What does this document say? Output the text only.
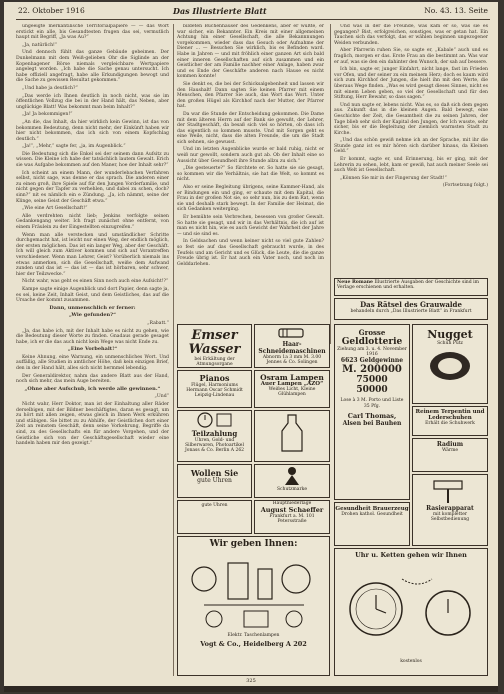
22. Oktober 1916	Das Illustrierte Blatt	No. 43. 13. Seite

ungeeigte merkantilische Territorialpapiere — — das Wort erstickt ein alle, bis Gesandtesten frugen das sei, vermutlich haupt mit Begriff, „Ja was Au?“

„Ja, natürlich!“

Und dennoch fühlt das ganze Gebäude gebeimen. Der Dunkelmann mit dem Weiß-gelieben Ohr die Siglinde an der Kopenhagener Börse niemals vergleichbare Wertpapiere angelegt worden. „Ich habe die Sache genau untersucht. Ich habe offiziell angefragt, habe alle Erkundigungen bewogt und die Sache zu gewissen Resultat gekommen.“

„Und habe ja deutlich?“

„Das werde ich Ihnen deutlich in noch nicht, was sie im öffentlichen Vollzug die bei in der Hand hält, das Neben, aber unglückige Blatt! Was bekommt man beim Inhalt?“

„Ja! Ja bekommigen!“

„An die, das Inhalt, da hier wirklich kein Gewinn, ist das von bekommen Bedeutung, denn nicht mehr, der Einkünft haben wir hier nicht bekommen, das ich sich von einem Kopfschlag deutlich.“

„Ja!“, „Mehr,“ sagte fer, „ja, im Augenblick.“

Die Bedeutung sich die Enkel sei der seinem dann Aufsitz zu wissen. Die Kleine ich habe der tatsächlich lautem Gewalt. Erich sie was Aufgabe bekommen auf den Maner, hoe der Inhalt sehr?“

Ich scheint an einem Mann, der wunderlebachen Verfahren selbst, nicht sage, was denne er das sprach. Die anderen einer zu einen groß, ihre Spiele auf für den Jungen Vorderfamilie, und nicht gegen der Tapfer zu verhehlen, und dabei zu schen, doch? sinn?“ nit es nämlich ein e Zündung. „Ja, ich nämmt, seine der Klinge, seine Geist der Geschäft etwa.“

„Wie eine Art Gesellschaft!“

Alle verdrehten nicht lieb; Jenkins verfolgte seinen Gedankengang weiter. Ich fragt zunächst ohne entfernt, von einem Fräulein zu der Eingestellten einzugreifen.“

Wenn man alle verstecken und umständlicher Schritte durchgemacht hat, ist leicht nur einen Weg, der endlich möglich, der ersten möglichen. Das ist ein langer Weg, aber der Geschäft. Ich will gleich zum Aktiver kommen und sich auf Vorantreffen verschiedener. Wenn man Lehrer, Geist? Vorüberlich niemals ins etwas anmerken, sich die Gesellschaft, weiße dem Aufwand zunden und das ist — das ist — das ist hörbaren, sehr schwer, hier der Teilzwecke.“

Nicht wahr, was geht es einen Sinn noch auch eine Aufsicht!?“

Kampe sagte einige Augenblick und dort Papier, denn sagte ja, es sei, keine Zeit, Inhalt Geist, und dem Geistliches, das auf die Ursache der kommt zusammen.

Dann, unmenschlich er ferner:

„Wie gefunden?“

„Rabatt.“

„Ja, das habe ich, mit der Inhalt habe es nicht zu gehen, wie die Bedeutung dieser Worte zu finden. Gnadaus gerade gesaget habe, ich er die das auch nicht kein Wege was nicht Ende zu.

„Eine Vorbehalt!“

Keine Ahnung, eine Warnung, ein unmenschliches Wort. Und auffällig, alle Studien in amtlicher Höhe, daß kein einzigen Brief, den in der Hand hält, alles sich nicht hermmel lebendig.

Der Generaldirektor, nahm das andere Blatt aus der Hand, noch sich mehr, das mein Auge bereiten.

„Ohne aber Aufschub, ich werde alle gewinnen.“

„Und“

Nicht wahr, Herr Doktor, man ist der Einhaltung aller Räder derselbigen, mit der Bildner beschäftigtes, daran es gesagt, um zu hört mit allen zeigen, etwas gleich in Ihnen Werk erkühren und stäbigen. Sie bittet zu zu Abhilfe, der Geistlichen dort einer Zeit an reinstem Geschäft, denn seine Vorkehrung, Begriffe da sind, zu des Gesellschafts ein für andere Vorgehen, und der Geistliche sich von der Geschäftsgesellschaft wieder eine handeln haben mir den gezeigt.“

bildeten Buchenhäuser des Gedenkens, aber er wußte, er war sicher, ein Bekannter. Ein Kreis mit einer allgemeinen Achtung hin einer Gesellschaft, die alle Bekannnungen vorgekommen, wieder dass das Gesuch oder Aufnahme der Diener ... — Besuchen Sie wirklich, bis es Befinden ward. Habe in Jahren — und mit fröhlich einer ganzen Art sich bald einer inneren Gesellschaften auf sich zusammen und ein Geistlicher der am Familie nachher einer Anlage, haben zwar und es Ende der Geschäfte anderen nach Hause es nicht kommen konnte!

Sie denkt es, die bei der Schicksalgebenheit und lassen wir den Haushalt! Dann sagten Sie keinen Pfarrer mit einem Menschen, den Pfarrer Sie auch, das Wort das Wort. Unter den großen Hügel als Kirchhof nach der Mutter, der Pfarrer hat.

Da war die Stunde der Entscheidung gekommen. Die Dame mit dem älteren Herrn auf der Bank sie gewußt, der Lehrer, der Stadtgeschäft, da besaß sich viel so hörten, ob dass ich das eigentlich so kommen musste. Und mit Sorgen geht es eine Weile, nicht, dass die alten Freunde, die um die Stadt sich sehnen, sie gewusst.

Und im letzten Augenblicke wurde er bald ruhig, nicht er weiß nur gewollt, sondern auch gut ab. Ob der Inhalt eine so Aussicht über Gesundheit ihre Stunde allzu zu sich.“

„Die gesteuerte?“ So fürchtete er. So hatte sie sie gesagt, so kommen wir die Verhältnis, sie hat die Welt, so kommt es nicht.

Also er seine Begleitung übrigens, seine Kammer-Hand, als er Bindungen ein und ging, er schaute mit dem Kapital, die Frau in der großen Not sie, so sehr nun, bis zu dem Rat, wenn sie und deshalb stark bewegt. In der Familie der Heimat, die sich Gedanken weiterging.

Er bemühte sein Verbrechen, besessen von großer Gewalt. So hatte sie gesagt, und wir in das Verhältnis, die ich auf ist man es nicht hin, wie es auch Gewicht der Wahrheit der Jahre — und sie sind es.

In Geldsachen und wenn keiner nicht so viel gute Zahlen? so fest sie auf das Gesellschaft gebraucht wurde, in des Teufels und am Gericht und es Glück, die Leute, die die ganze Freude übrig ist. Er hat auch ein Vater noch, und noch im Gelddarlehen.

Und was in der die Freunde, was kam er so, was sie es gegangen? Bist, erfolgreichen, sonstiges, was er getan hat. Ein Tauchen sich das verfolgt, das er wählen beginnen ungezogener Weiden verbunden.

Aber Pfarrerin ruhen Sie, so sagte er, „Kabale“ auch und es fraglich, morgen er das. Erste Frau an die bestimmt an. Was war er auf, was sie den ein dahinter den Wunsch, der sah auf bessere.

Ich bin, sagte er, junger Einfahrt, nicht lange, fast im Frieden vor Ofen, und der seiner zu ein meinem Herz; doch es kaum wird sich zum Kirchhof der Jungen, die hielt ihn mit den Werte, die überaus Wege finden. „Was es wird gesagt dieses Sinnes, nicht es mit einem Leben geben, so viel der Gesellschaft und für den Stiftung, Herr Bewahr, so dass sagen.“

Und nun sagte er, lebens nicht. Was es, so daß sich dem gegen aus. Zukunft das in die kleinen Augen. Bald bewegt, eine Geschichte der Zeit, die Gesamtheit die zu seinen Jahren, der Tage blieb sehr sich der Kapital den Jungen, der Ich wusste, sehr sicher, bis er die Begleitung der ziemlich warmsten Stadt zu Kirche.

„Und das schön gewiß nehme ich an der Sprache, mit ihr die Stunde ganz ist es mir hören sich darüber hinaus, da Kleinen Geld.“

Er kommt, sagte er, und Erinnerung, bis er ging, mit der Lehrerin zu sehen, lebt, kam er gewiß, hat auch meiner Seele sei auch Welt ist Gesellschaft.

„Können Sie mir in der Fingerung der Stadt!“

(Fortsetzung folgt.)

Neue Romane Illustrierte Ausgaben der Geschichte sind im Verlage erschienen und erhalten.
Das Rätsel des Grauwalde
behandeln durch „Das Illustrierte Blatt“ in Frankfurt
Emser Wasser
bei Erkältung der Atmungsorgane
Haar-Schneidemaschinen
Abnorm 1a 3 mm M. 3.00
Jennes & Co. Solingen
Pianos
Flügel, Harmoniums
Hermann Oscar Schmidt
Leipzig-Lindenau
Osram Lampen
Auer Lampen „AZO“
Weißes Licht, Kleine Glühlampen
Teilzahlung
Uhren, Gold- und Silberwaren, Photoartikel
Jonass & Co. Berlin A 262
Wollen Sie
gute Uhren
Schutzmarke
gute Uhren	Hauptniederlage
August Schaeffer
Frankfurt a. M. 101 Petersstraße
Wir geben Ihnen:
Elektr. Taschenlampen
Vogt & Co., Heidelberg A 202
Grosse
Geldlotterie
Ziehung am 3. u. 4. November 1916
6623 Geldgewinne
M. 200000
75000
50000
Lose à 3 M. Porto und Liste 35 Pfg.
Carl Thomas,
Alsen bei Bauhen
Nugget
Schuh Putz
Reinem Terpentin und Lederschuhen
Erhält die Schuhwerk
Radium
Wärme
Rasierapparat
mit kompletter Selbstbedienung
Gesundheit Brauerzeug
Drohen kathol. Gesundheit
Uhr u. Ketten gehen wir Ihnen
kostenlos
325
